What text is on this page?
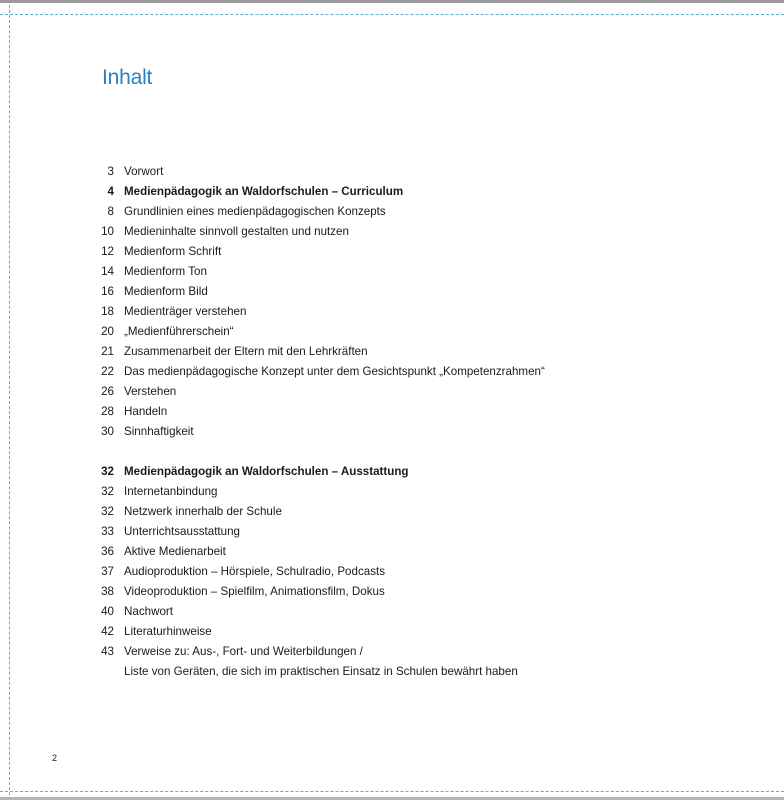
Inhalt
3 Vorwort
4 Medienpädagogik an Waldorfschulen – Curriculum
8 Grundlinien eines medienpädagogischen Konzepts
10 Medieninhalte sinnvoll gestalten und nutzen
12 Medienform Schrift
14 Medienform Ton
16 Medienform Bild
18 Medienträger verstehen
20 „Medienführerschein“
21 Zusammenarbeit der Eltern mit den Lehrkräften
22 Das medienpädagogische Konzept unter dem Gesichtspunkt „Kompetenzrahmen“
26 Verstehen
28 Handeln
30 Sinnhaftigkeit
32 Medienpädagogik an Waldorfschulen – Ausstattung
32 Internetanbindung
32 Netzwerk innerhalb der Schule
33 Unterrichtsausstattung
36 Aktive Medienarbeit
37 Audioproduktion – Hörspiele, Schulradio, Podcasts
38 Videoproduktion – Spielfilm, Animationsfilm, Dokus
40 Nachwort
42 Literaturhinweise
43 Verweise zu: Aus-, Fort- und Weiterbildungen /
Liste von Geräten, die sich im praktischen Einsatz in Schulen bewährt haben
2
